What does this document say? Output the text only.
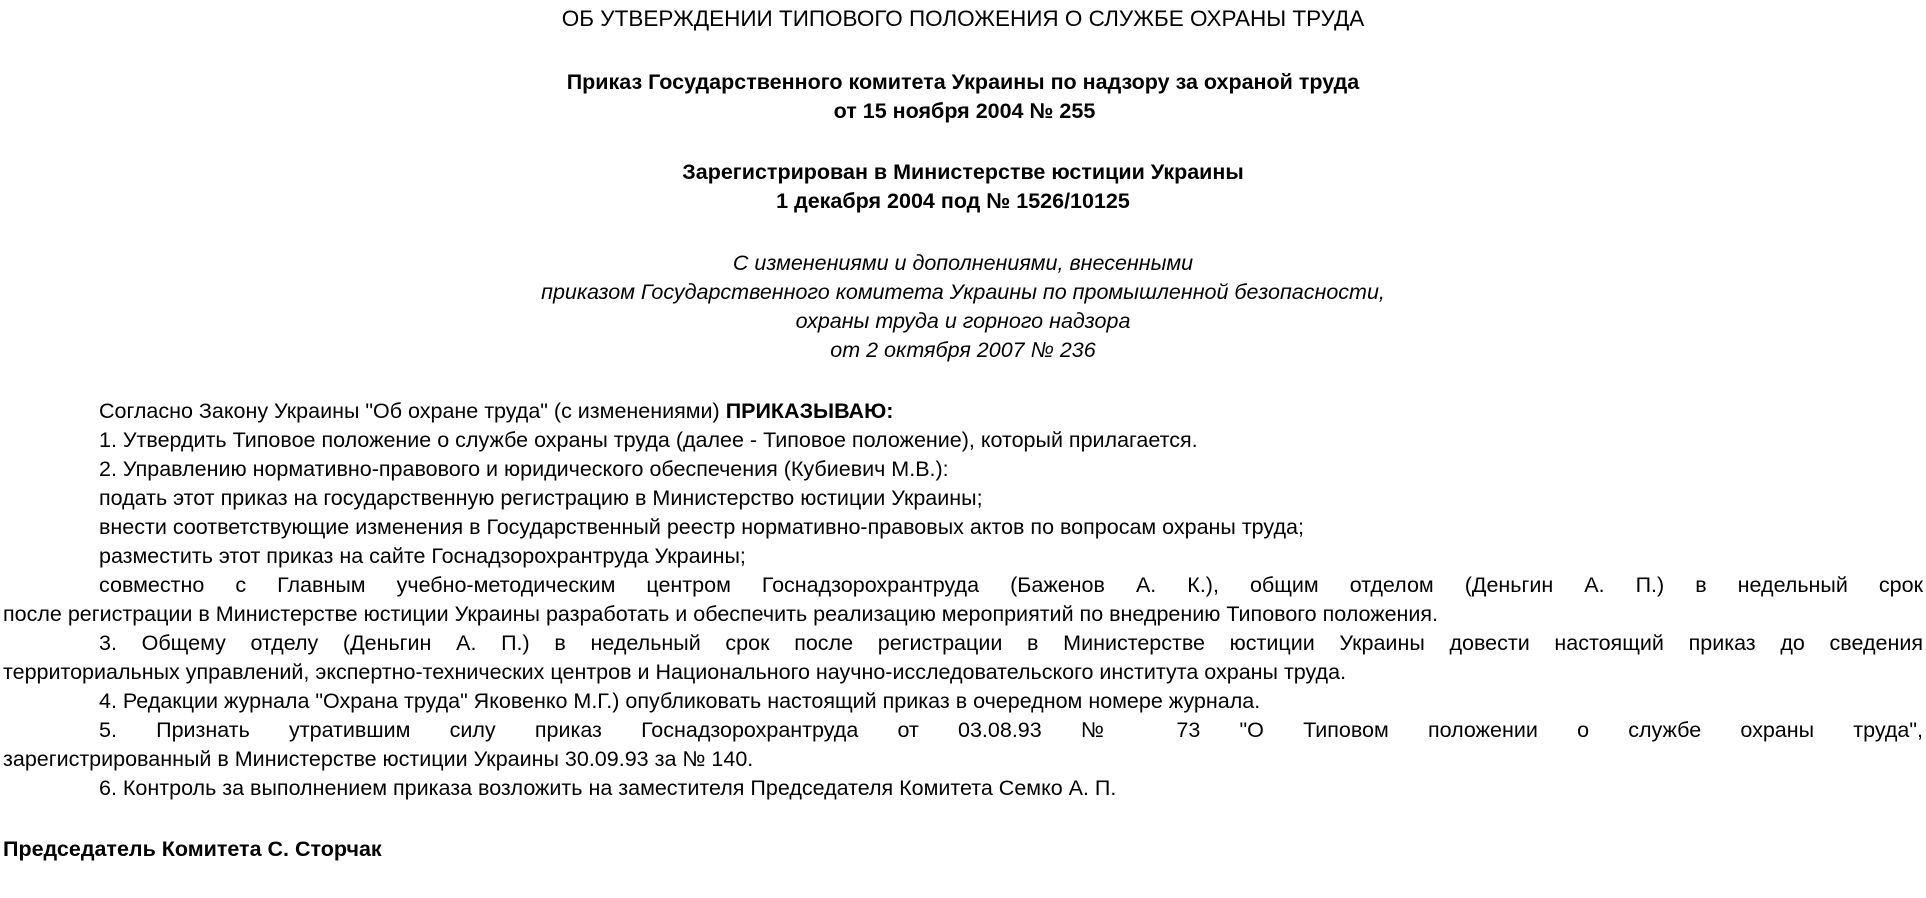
ОБ УТВЕРЖДЕНИИ ТИПОВОГО ПОЛОЖЕНИЯ О СЛУЖБЕ ОХРАНЫ ТРУДА
Приказ Государственного комитета Украины по надзору за охраной труда
от 15 ноября 2004 № 255
Зарегистрирован в Министерстве юстиции Украины
1 декабря 2004 под № 1526/10125
С изменениями и дополнениями, внесенными
приказом Государственного комитета Украины по промышленной безопасности,
охраны труда и горного надзора
от 2 октября 2007 № 236
Согласно Закону Украины "Об охране труда" (с изменениями) ПРИКАЗЫВАЮ:
1. Утвердить Типовое положение о службе охраны труда (далее - Типовое положение), который прилагается.
2. Управлению нормативно-правового и юридического обеспечения (Кубиевич М.В.):
подать этот приказ на государственную регистрацию в Министерство юстиции Украины;
внести соответствующие изменения в Государственный реестр нормативно-правовых актов по вопросам охраны труда;
разместить этот приказ на сайте Госнадзорохрантруда Украины;
совместно с Главным учебно-методическим центром Госнадзорохрантруда (Баженов А. К.), общим отделом (Деньгин А. П.) в недельный срок
после регистрации в Министерстве юстиции Украины разработать и обеспечить реализацию мероприятий по внедрению Типового положения.
3. Общему отделу (Деньгин А. П.) в недельный срок после регистрации в Министерстве юстиции Украины довести настоящий приказ до сведения
территориальных управлений, экспертно-технических центров и Национального научно-исследовательского института охраны труда.
4. Редакции журнала "Охрана труда" Яковенко М.Г.) опубликовать настоящий приказ в очередном номере журнала.
5. Признать утратившим силу приказ Госнадзорохрантруда от 03.08.93 № 73 "О Типовом положении о службе охраны труда",
зарегистрированный в Министерстве юстиции Украины 30.09.93 за № 140.
6. Контроль за выполнением приказа возложить на заместителя Председателя Комитета Семко А. П.
Председатель Комитета С. Сторчак
